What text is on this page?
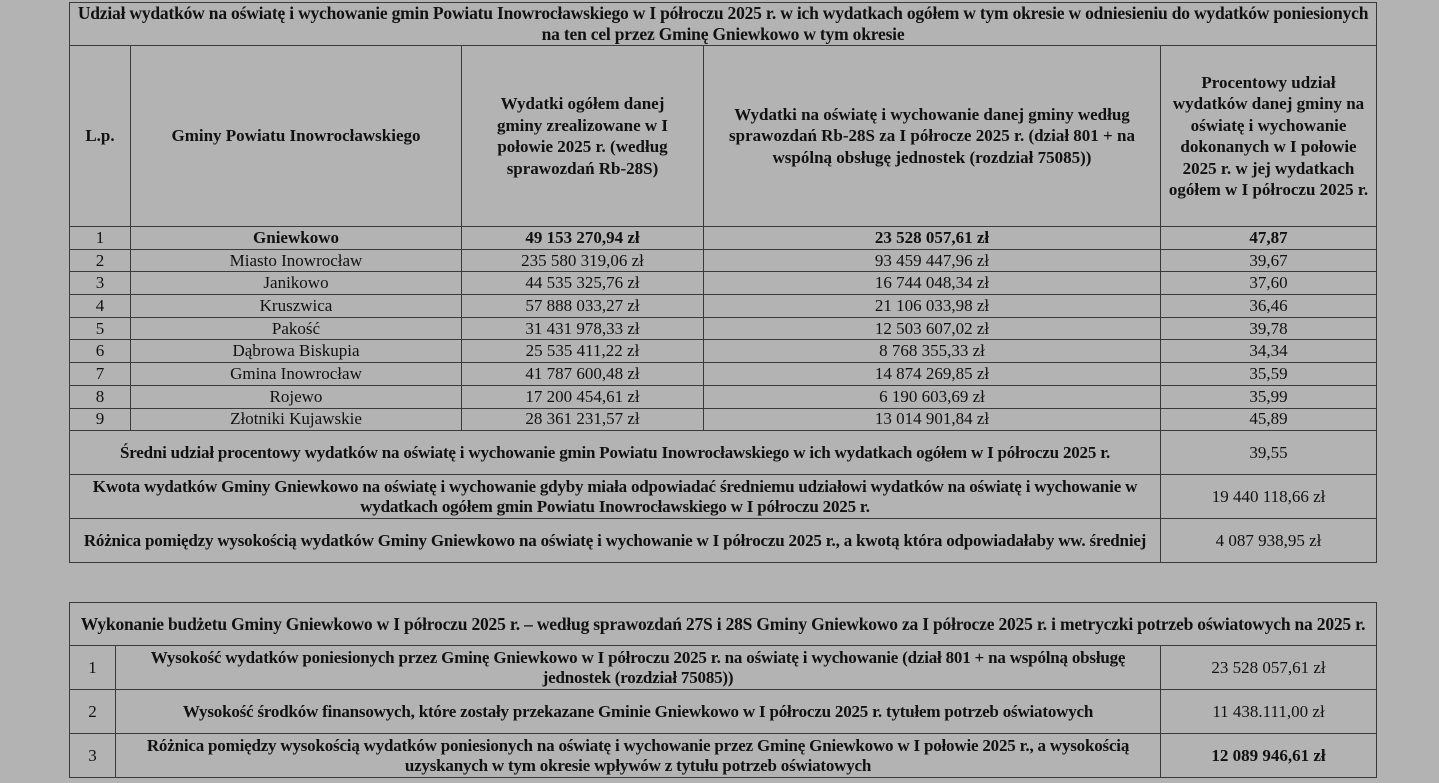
Udział wydatków na oświatę i wychowanie gmin Powiatu Inowrocławskiego w I półroczu 2025 r. w ich wydatkach ogółem w tym okresie w odniesieniu do wydatków poniesionych na ten cel przez Gminę Gniewkowo w tym okresie				
L.p.	Gminy Powiatu Inowrocławskiego	Wydatki ogółem danej gminy zrealizowane w I połowie 2025 r. (według sprawozdań Rb-28S)	Wydatki na oświatę i wychowanie danej gminy według sprawozdań Rb-28S za I półrocze 2025 r. (dział 801 + na wspólną obsługę jednostek (rozdział 75085))	Procentowy udział wydatków danej gminy na oświatę i wychowanie dokonanych w I połowie 2025 r. w jej wydatkach ogółem w I półroczu 2025 r.
1	Gniewkowo	49 153 270,94 zł	23 528 057,61 zł	47,87
2	Miasto Inowrocław	235 580 319,06 zł	93 459 447,96 zł	39,67
3	Janikowo	44 535 325,76 zł	16 744 048,34 zł	37,60
4	Kruszwica	57 888 033,27 zł	21 106 033,98 zł	36,46
5	Pakość	31 431 978,33 zł	12 503 607,02 zł	39,78
6	Dąbrowa Biskupia	25 535 411,22 zł	8 768 355,33 zł	34,34
7	Gmina Inowrocław	41 787 600,48 zł	14 874 269,85 zł	35,59
8	Rojewo	17 200 454,61 zł	6 190 603,69 zł	35,99
9	Złotniki Kujawskie	28 361 231,57 zł	13 014 901,84 zł	45,89
Średni udział procentowy wydatków na oświatę i wychowanie gmin Powiatu Inowrocławskiego w ich wydatkach ogółem w I półroczu 2025 r.				39,55
Kwota wydatków Gminy Gniewkowo na oświatę i wychowanie gdyby miała odpowiadać średniemu udziałowi wydatków na oświatę i wychowanie w wydatkach ogółem gmin Powiatu Inowrocławskiego w I półroczu 2025 r.				19 440 118,66 zł
Różnica pomiędzy wysokością wydatków Gminy Gniewkowo na oświatę i wychowanie w I półroczu 2025 r., a kwotą która odpowiadałaby ww. średniej				4 087 938,95 zł
Wykonanie budżetu Gminy Gniewkowo w I półroczu 2025 r. – według sprawozdań 27S i 28S Gminy Gniewkowo za I półrocze 2025 r. i metryczki potrzeb oświatowych na 2025 r.		
1	Wysokość wydatków poniesionych przez Gminę Gniewkowo w I półroczu 2025 r. na oświatę i wychowanie (dział 801 + na wspólną obsługę jednostek (rozdział 75085))	23 528 057,61 zł
2	Wysokość środków finansowych, które zostały przekazane Gminie Gniewkowo w I półroczu 2025 r. tytułem potrzeb oświatowych	11 438.111,00 zł
3	Różnica pomiędzy wysokością wydatków poniesionych na oświatę i wychowanie przez Gminę Gniewkowo w I połowie 2025 r., a wysokością uzyskanych w tym okresie wpływów z tytułu potrzeb oświatowych	12 089 946,61 zł
